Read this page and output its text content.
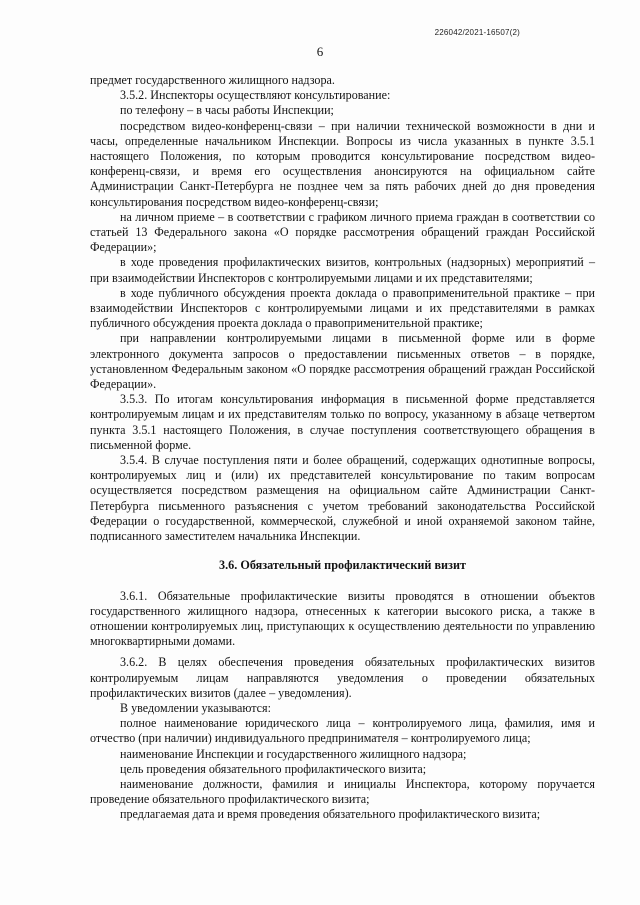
226042/2021-16507(2)
6

предмет государственного жилищного надзора.

3.5.2. Инспекторы осуществляют консультирование:

по телефону – в часы работы Инспекции;

посредством видео-конференц-связи – при наличии технической возможности в дни и часы, определенные начальником Инспекции. Вопросы из числа указанных в пункте 3.5.1 настоящего Положения, по которым проводится консультирование посредством видео-конференц-связи, и время его осуществления анонсируются на официальном сайте Администрации Санкт-Петербурга не позднее чем за пять рабочих дней до дня проведения консультирования посредством видео-конференц-связи;

на личном приеме – в соответствии с графиком личного приема граждан в соответствии со статьей 13 Федерального закона «О порядке рассмотрения обращений граждан Российской Федерации»;

в ходе проведения профилактических визитов, контрольных (надзорных) мероприятий – при взаимодействии Инспекторов с контролируемыми лицами и их представителями;

в ходе публичного обсуждения проекта доклада о правоприменительной практике – при взаимодействии Инспекторов с контролируемыми лицами и их представителями в рамках публичного обсуждения проекта доклада о правоприменительной практике;

при направлении контролируемыми лицами в письменной форме или в форме электронного документа запросов о предоставлении письменных ответов – в порядке, установленном Федеральным законом «О порядке рассмотрения обращений граждан Российской Федерации».

3.5.3. По итогам консультирования информация в письменной форме представляется контролируемым лицам и их представителям только по вопросу, указанному в абзаце четвертом пункта 3.5.1 настоящего Положения, в случае поступления соответствующего обращения в письменной форме.

3.5.4. В случае поступления пяти и более обращений, содержащих однотипные вопросы, контролируемых лиц и (или) их представителей консультирование по таким вопросам осуществляется посредством размещения на официальном сайте Администрации Санкт-Петербурга письменного разъяснения с учетом требований законодательства Российской Федерации о государственной, коммерческой, служебной и иной охраняемой законом тайне, подписанного заместителем начальника Инспекции.

3.6. Обязательный профилактический визит

3.6.1. Обязательные профилактические визиты проводятся в отношении объектов государственного жилищного надзора, отнесенных к категории высокого риска, а также в отношении контролируемых лиц, приступающих к осуществлению деятельности по управлению многоквартирными домами.

3.6.2. В целях обеспечения проведения обязательных профилактических визитов контролируемым лицам направляются уведомления о проведении обязательных профилактических визитов (далее – уведомления).

В уведомлении указываются:

полное наименование юридического лица – контролируемого лица, фамилия, имя и отчество (при наличии) индивидуального предпринимателя – контролируемого лица;

наименование Инспекции и государственного жилищного надзора;

цель проведения обязательного профилактического визита;

наименование должности, фамилия и инициалы Инспектора, которому поручается проведение обязательного профилактического визита;

предлагаемая дата и время проведения обязательного профилактического визита;
